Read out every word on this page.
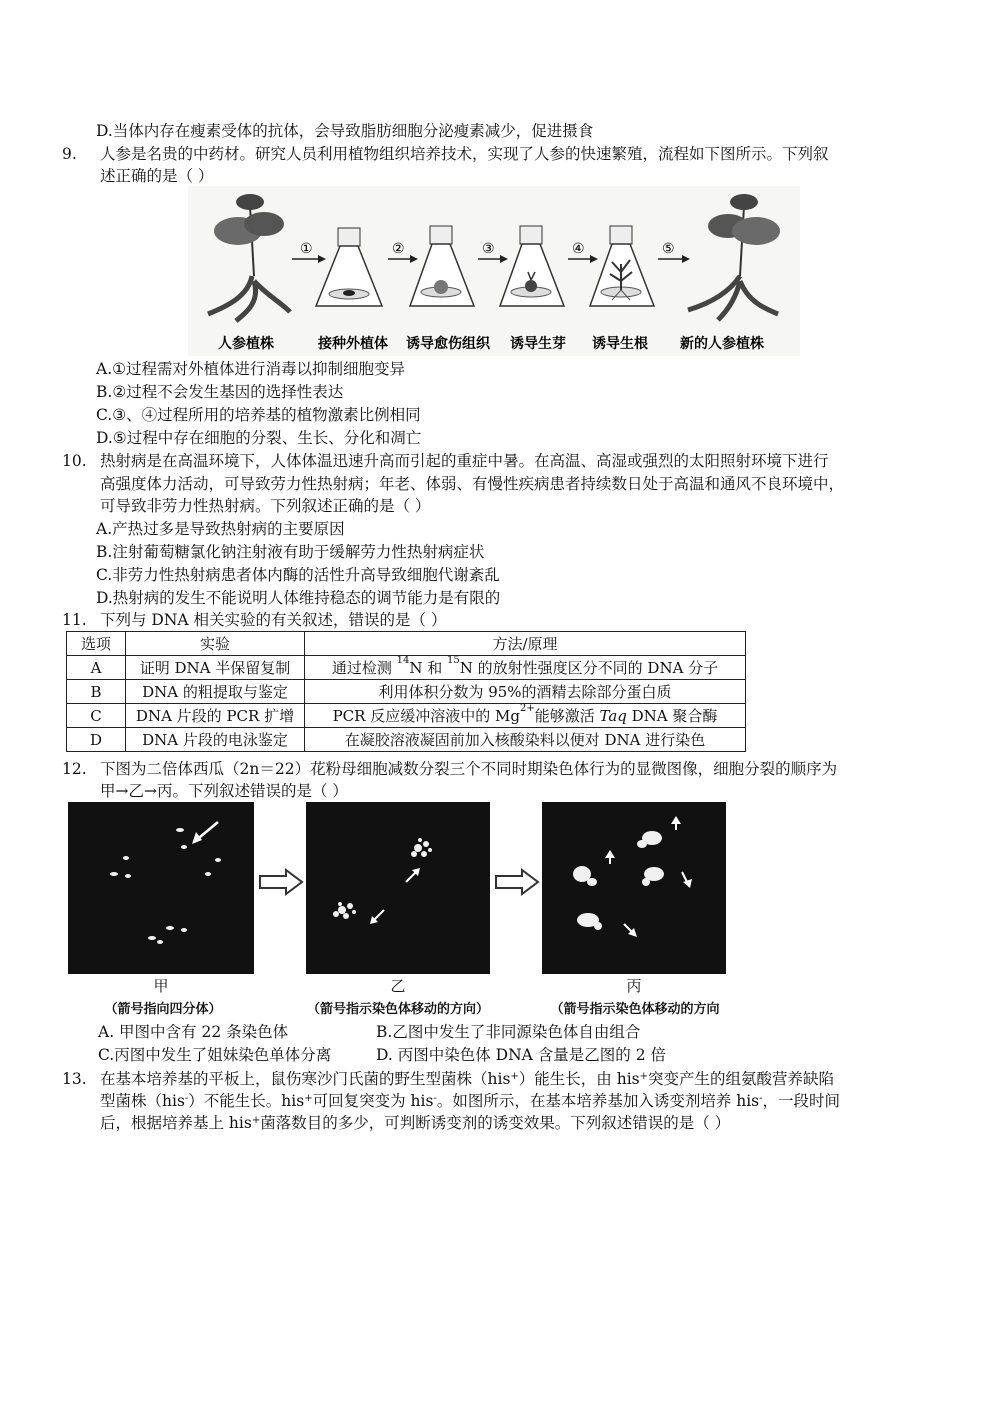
D.当体内存在瘦素受体的抗体，会导致脂肪细胞分泌瘦素减少，促进摄食
9. 人参是名贵的中药材。研究人员利用植物组织培养技术，实现了人参的快速繁殖，流程如下图所示。下列叙
述正确的是（ ）
①	②	③	④	⑤
人参植株	接种外植体 诱导愈伤组织 诱导生芽 诱导生根 新的人参植株
A.①过程需对外植体进行消毒以抑制细胞变异
B.②过程不会发生基因的选择性表达
C.③、④过程所用的培养基的植物激素比例相同
D.⑤过程中存在细胞的分裂、生长、分化和凋亡
10. 热射病是在高温环境下，人体体温迅速升高而引起的重症中暑。在高温、高湿或强烈的太阳照射环境下进行
高强度体力活动，可导致劳力性热射病；年老、体弱、有慢性疾病患者持续数日处于高温和通风不良环境中，
可导致非劳力性热射病。下列叙述正确的是（ ）
A.产热过多是导致热射病的主要原因
B.注射葡萄糖氯化钠注射液有助于缓解劳力性热射病症状
C.非劳力性热射病患者体内酶的活性升高导致细胞代谢紊乱
D.热射病的发生不能说明人体维持稳态的调节能力是有限的
11. 下列与 DNA 相关实验的有关叙述，错误的是（ ）
选项	实验	方法/原理
A	证明 DNA 半保留复制	通过检测 $^{14}$N 和 $^{15}$N 的放射性强度区分不同的 DNA 分子
B	DNA 的粗提取与鉴定	利用体积分数为 95%的酒精去除部分蛋白质
C	DNA 片段的 PCR 扩增	PCR 反应缓冲溶液中的 $Mg^{2+}$能够激活 Taq DNA 聚合酶
D	DNA 片段的电泳鉴定	在凝胶溶液凝固前加入核酸染料以便对 DNA 进行染色
12. 下图为二倍体西瓜（2n＝22）花粉母细胞减数分裂三个不同时期染色体行为的显微图像，细胞分裂的顺序为
甲→乙→丙。下列叙述错误的是（ ）
甲	乙	丙
（箭号指向四分体）	（箭号指示染色体移动的方向）	（箭号指示染色体移动的方向
A. 甲图中含有 22 条染色体	B.乙图中发生了非同源染色体自由组合
C.丙图中发生了姐妹染色单体分离	D. 丙图中染色体 DNA 含量是乙图的 2 倍
13. 在基本培养基的平板上，鼠伤寒沙门氏菌的野生型菌株（his+）能生长，由 his+突变产生的组氨酸营养缺陷
型菌株（his-）不能生长。his+可回复突变为 his-。如图所示，在基本培养基加入诱变剂培养 his-，一段时间
后，根据培养基上 his+菌落数目的多少，可判断诱变剂的诱变效果。下列叙述错误的是（ ）
